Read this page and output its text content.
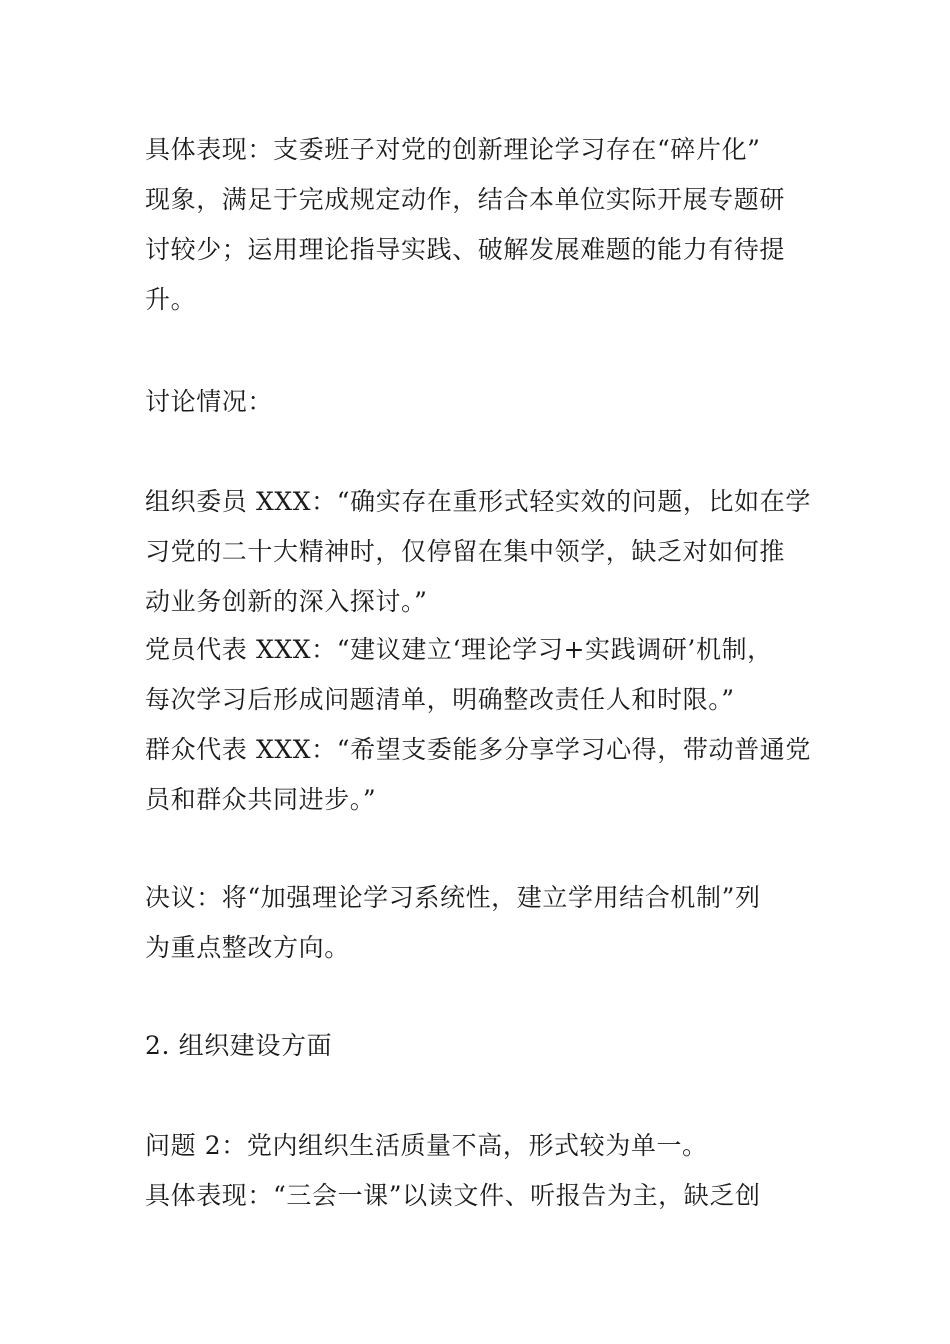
具体表现：支委班子对党的创新理论学习存在“碎片化”
现象，满足于完成规定动作，结合本单位实际开展专题研
讨较少；运用理论指导实践、破解发展难题的能力有待提
升。
讨论情况：
组织委员 XXX：“确实存在重形式轻实效的问题，比如在学
习党的二十大精神时，仅停留在集中领学，缺乏对如何推
动业务创新的深入探讨。”
党员代表 XXX：“建议建立‘理论学习+实践调研’机制，
每次学习后形成问题清单，明确整改责任人和时限。”
群众代表 XXX：“希望支委能多分享学习心得，带动普通党
员和群众共同进步。”
决议：将“加强理论学习系统性，建立学用结合机制”列
为重点整改方向。
2. 组织建设方面
问题 2：党内组织生活质量不高，形式较为单一。
具体表现：“三会一课”以读文件、听报告为主，缺乏创
